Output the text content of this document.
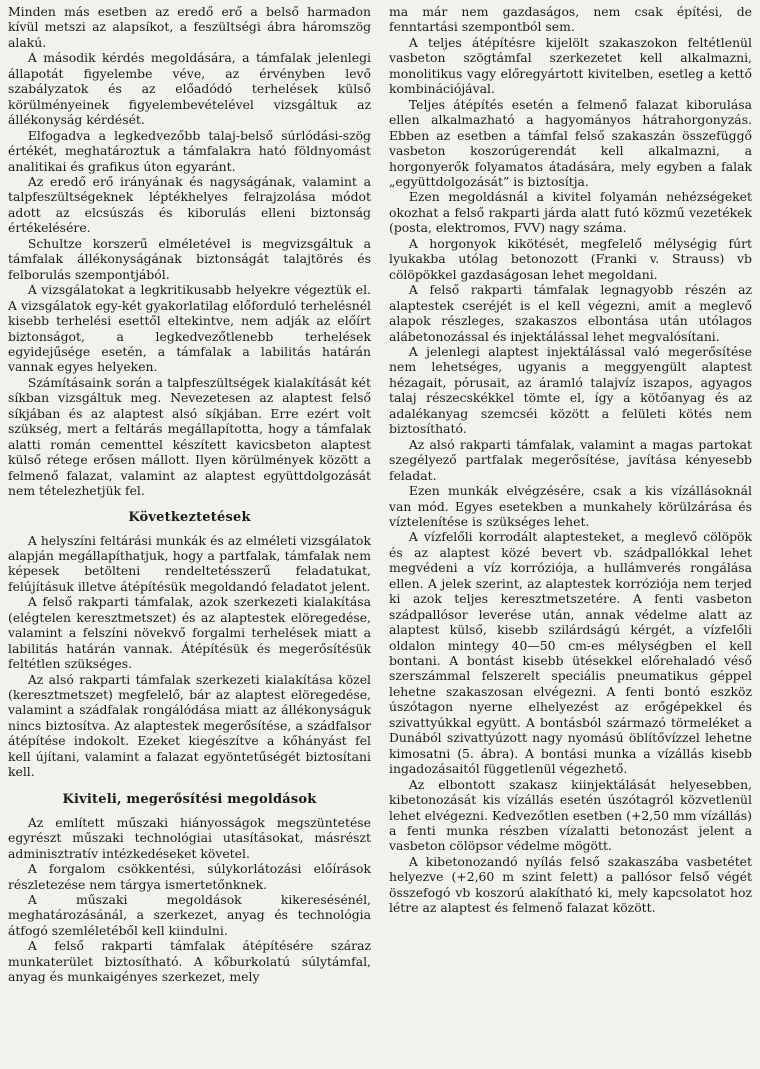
Minden más esetben az eredő erő a belső harmadon kívül metszi az alapsíkot, a feszültségi ábra háromszög alakú.

A második kérdés megoldására, a támfalak jelenlegi állapotát figyelembe véve, az érvényben levő szabályzatok és az előadódó terhelések külső körülményeinek figyelembevételével vizsgáltuk az állékonyság kérdését.

Elfogadva a legkedvezőbb talaj-belső súrlódási-szög értékét, meghatároztuk a támfalakra ható földnyomást analitikai és grafikus úton egyaránt.

Az eredő erő irányának és nagyságának, valamint a talpfeszültségeknek léptékhelyes felrajzolása módot adott az elcsúszás és kiborulás elleni biztonság értékelésére.

Schultze korszerű elméletével is megvizsgáltuk a támfalak állékonyságának biztonságát talajtörés és felborulás szempontjából.

A vizsgálatokat a legkritikusabb helyekre végeztük el. A vizsgálatok egy-két gyakorlatilag előforduló terhelésnél kisebb terhelési esettől eltekintve, nem adják az előírt biztonságot, a legkedvezőtlenebb terhelések egyidejűsége esetén, a támfalak a labilitás határán vannak egyes helyeken.

Számításaink során a talpfeszültségek kialakítását két síkban vizsgáltuk meg. Nevezetesen az alaptest felső síkjában és az alaptest alsó síkjában. Erre ezért volt szükség, mert a feltárás megállapította, hogy a támfalak alatti román cementtel készített kavicsbeton alaptest külső rétege erősen mállott. Ilyen körülmények között a felmenő falazat, valamint az alaptest együttdolgozását nem tételezhetjük fel.

Következtetések

A helyszíni feltárási munkák és az elméleti vizsgálatok alapján megállapíthatjuk, hogy a partfalak, támfalak nem képesek betölteni rendeltetésszerű feladatukat, felújításuk illetve átépítésük megoldandó feladatot jelent.

A felső rakparti támfalak, azok szerkezeti kialakítása (elégtelen keresztmetszet) és az alaptestek elöregedése, valamint a felszíni növekvő forgalmi terhelések miatt a labilitás határán vannak. Átépítésük és megerősítésük feltétlen szükséges.

Az alsó rakparti támfalak szerkezeti kialakítása közel (keresztmetszet) megfelelő, bár az alaptest elöregedése, valamint a szádfalak rongálódása miatt az állékonyságuk nincs biztosítva. Az alaptestek megerősítése, a szádfalsor átépítése indokolt. Ezeket kiegészítve a kőhányást fel kell újítani, valamint a falazat egyöntetűségét biztosítani kell.

Kiviteli, megerősítési megoldások

Az említett műszaki hiányosságok megszüntetése egyrészt műszaki technológiai utasításokat, másrészt adminisztratív intézkedéseket követel.

A forgalom csökkentési, súlykorlátozási előírások részletezése nem tárgya ismertetőnknek.

A műszaki megoldások kikeresésénél, meghatározásánál, a szerkezet, anyag és technológia átfogó szemléletéből kell kiindulni.

A felső rakparti támfalak átépítésére száraz munkaterület biztosítható. A kőburkolatú súlytámfal, anyag és munkaigényes szerkezet, mely

ma már nem gazdaságos, nem csak építési, de fenntartási szempontból sem.

A teljes átépítésre kijelölt szakaszokon feltétlenül vasbeton szögtámfal szerkezetet kell alkalmazni, monolitikus vagy előregyártott kivitelben, esetleg a kettő kombinációjával.

Teljes átépítés esetén a felmenő falazat kiborulása ellen alkalmazható a hagyományos hátrahorgonyzás. Ebben az esetben a támfal felső szakaszán összefüggő vasbeton koszorúgerendát kell alkalmazni, a horgonyerők folyamatos átadására, mely egyben a falak „együttdolgozását” is biztosítja.

Ezen megoldásnál a kivitel folyamán nehézségeket okozhat a felső rakparti járda alatt futó közmű vezetékek (posta, elektromos, FVV) nagy száma.

A horgonyok kikötését, megfelelő mélységig fúrt lyukakba utólag betonozott (Franki v. Strauss) vb cölöpökkel gazdaságosan lehet megoldani.

A felső rakparti támfalak legnagyobb részén az alaptestek cseréjét is el kell végezni, amit a meglevő alapok részleges, szakaszos elbontása után utólagos alábetonozással és injektálással lehet megvalósítani.

A jelenlegi alaptest injektálással való megerősítése nem lehetséges, ugyanis a meggyengült alaptest hézagait, pórusait, az áramló talajvíz iszapos, agyagos talaj részecskékkel tömte el, így a kötőanyag és az adalékanyag szemcséi között a felületi kötés nem biztosítható.

Az alsó rakparti támfalak, valamint a magas partokat szegélyező partfalak megerősítése, javítása kényesebb feladat.

Ezen munkák elvégzésére, csak a kis vízállásoknál van mód. Egyes esetekben a munkahely körülzárása és víztelenítése is szükséges lehet.

A vízfelőli korrodált alaptesteket, a meglevő cölöpök és az alaptest közé bevert vb. szádpallókkal lehet megvédeni a víz korróziója, a hullámverés rongálása ellen. A jelek szerint, az alaptestek korróziója nem terjed ki azok teljes keresztmetszetére. A fenti vasbeton szádpallósor leverése után, annak védelme alatt az alaptest külső, kisebb szilárdságú kérgét, a vízfelőli oldalon mintegy 40—50 cm-es mélységben el kell bontani. A bontást kisebb ütésekkel előrehaladó véső szerszámmal felszerelt speciális pneumatikus géppel lehetne szakaszosan elvégezni. A fenti bontó eszköz úszótagon nyerne elhelyezést az erőgépekkel és szivattyúkkal együtt. A bontásból származó törmeléket a Dunából szivattyúzott nagy nyomású öblítővízzel lehetne kimosatni (5. ábra). A bontási munka a vízállás kisebb ingadozásaitól függetlenül végezhető.

Az elbontott szakasz kiinjektálását helyesebben, kibetonozását kis vízállás esetén úszótagról közvetlenül lehet elvégezni. Kedvezőtlen esetben (+2,50 mm vízállás) a fenti munka részben vízalatti betonozást jelent a vasbeton cölöpsor védelme mögött.

A kibetonozandó nyílás felső szakaszába vasbetétet helyezve (+2,60 m szint felett) a pallósor felső végét összefogó vb koszorú alakítható ki, mely kapcsolatot hoz létre az alaptest és felmenő falazat között.
